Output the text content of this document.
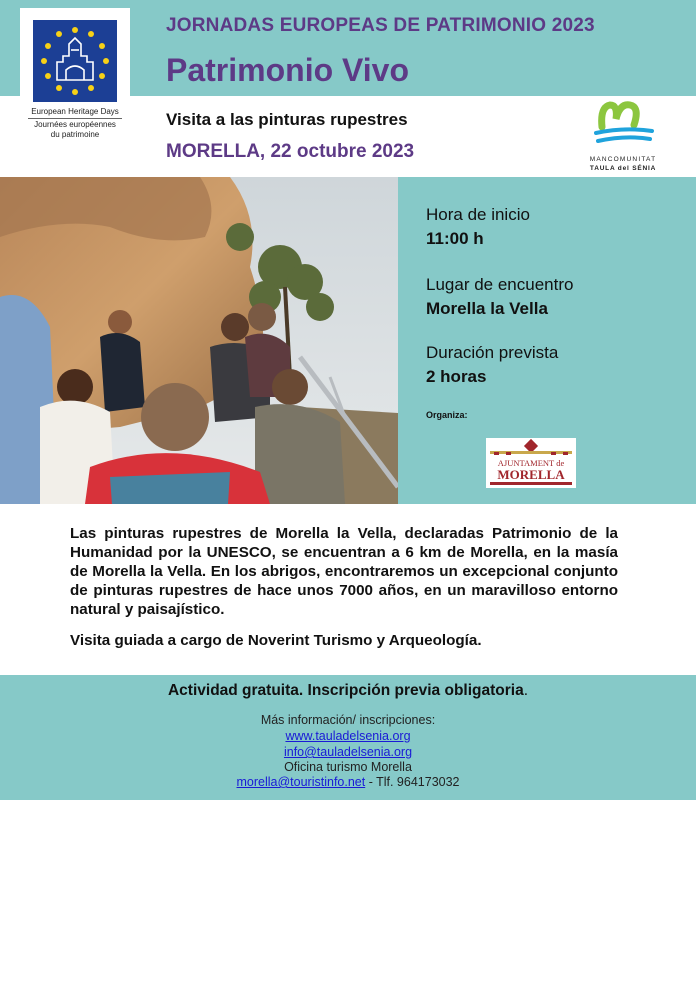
European Heritage Days
Journées européennes
du patrimoine
JORNADAS EUROPEAS DE PATRIMONIO 2023
Patrimonio Vivo
Visita a las pinturas rupestres
MORELLA, 22 octubre 2023	MANCOMUNITAT
TAULA del SÉNIA
Hora de inicio
11:00 h
Lugar de encuentro
Morella la Vella
Duración prevista
2 horas
Organiza:
AJUNTAMENT de
MORELLA
Las pinturas rupestres de Morella la Vella, declaradas Patrimonio de la Humanidad por la UNESCO, se encuentran a 6 km de Morella, en la masía de Morella la Vella. En los abrigos, encontraremos un excepcional conjunto de pinturas rupestres de hace unos 7000 años, en un maravilloso entorno natural y paisajístico.
Visita guiada a cargo de Noverint Turismo y Arqueología.
Actividad gratuita. Inscripción previa obligatoria.
Más información/ inscripciones:
www.tauladelsenia.org
info@tauladelsenia.org
Oficina turismo Morella
morella@touristinfo.net - Tlf. 964173032
